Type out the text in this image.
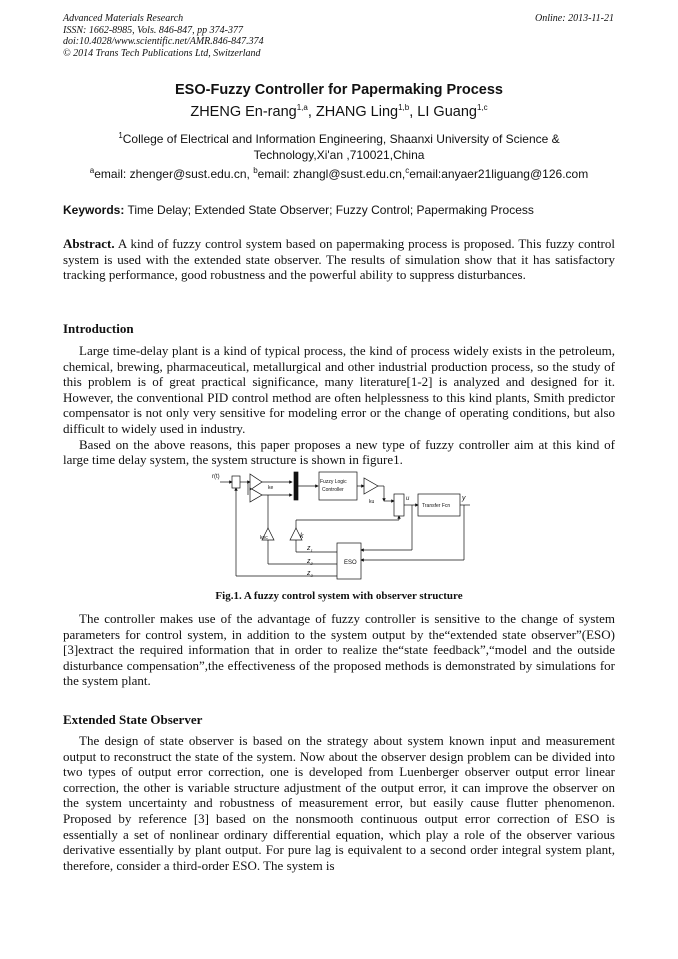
Advanced Materials Research
ISSN: 1662-8985, Vols. 846-847, pp 374-377
doi:10.4028/www.scientific.net/AMR.846-847.374
© 2014 Trans Tech Publications Ltd, Switzerland
Online: 2013-11-21
ESO-Fuzzy Controller for Papermaking Process
ZHENG En-rang$^{1,a}$, ZHANG Ling$^{1,b}$, LI Guang$^{1,c}$
$^1$College of Electrical and Information Engineering, Shaanxi University of Science & Technology,Xi'an ,710021,China
$^a$email: zhenger@sust.edu.cn, $^b$email: zhangl@sust.edu.cn,$^c$email:anyaer21liguang@126.com
Keywords: Time Delay; Extended State Observer; Fuzzy Control; Papermaking Process

Abstract. A kind of fuzzy control system based on papermaking process is proposed. This fuzzy control system is used with the extended state observer. The results of simulation show that it has satisfactory tracking performance, good robustness and the powerful ability to suppress disturbances.

Introduction

Large time-delay plant is a kind of typical process, the kind of process widely exists in the petroleum, chemical, brewing, pharmaceutical, metallurgical and other industrial production process, so the study of this problem is of great practical significance, many literature[1-2] is analyzed and designed for it. However, the conventional PID control method are often helplessness to this kind plants, Smith predictor compensator is not only very sensitive for modeling error or the change of operating conditions, but also difficult to widely used in industry.

Based on the above reasons, this paper proposes a new type of fuzzy controller aim at this kind of large time delay system, the system structure is shown in figure1.

r(t)
Fuzzy Logic
Controller
Transfer Fcn
ESO
ke
kec
ku
k
y
u
$z_1$
$z_2$
$z_3$
Fig.1. A fuzzy control system with observer structure

The controller makes use of the advantage of fuzzy controller is sensitive to the change of system parameters for control system, in addition to the system output by the“extended state observer”(ESO) [3]extract the required information that in order to realize the“state feedback”,“model and the outside disturbance compensation”,the effectiveness of the proposed methods is demonstrated by simulations for the system plant.

Extended State Observer

The design of state observer is based on the strategy about system known input and measurement output to reconstruct the state of the system. Now about the observer design problem can be divided into two types of output error correction, one is developed from Luenberger observer output error linear correction, the other is variable structure adjustment of the output error, it can improve the observer on the system uncertainty and robustness of measurement error, but easily cause flutter phenomenon. Proposed by reference [3] based on the nonsmooth continuous output error correction of ESO is essentially a set of nonlinear ordinary differential equation, which play a role of the observer various derivative essentially by plant output. For pure lag is equivalent to a second order integral system plant, therefore, consider a third-order ESO. The system is
